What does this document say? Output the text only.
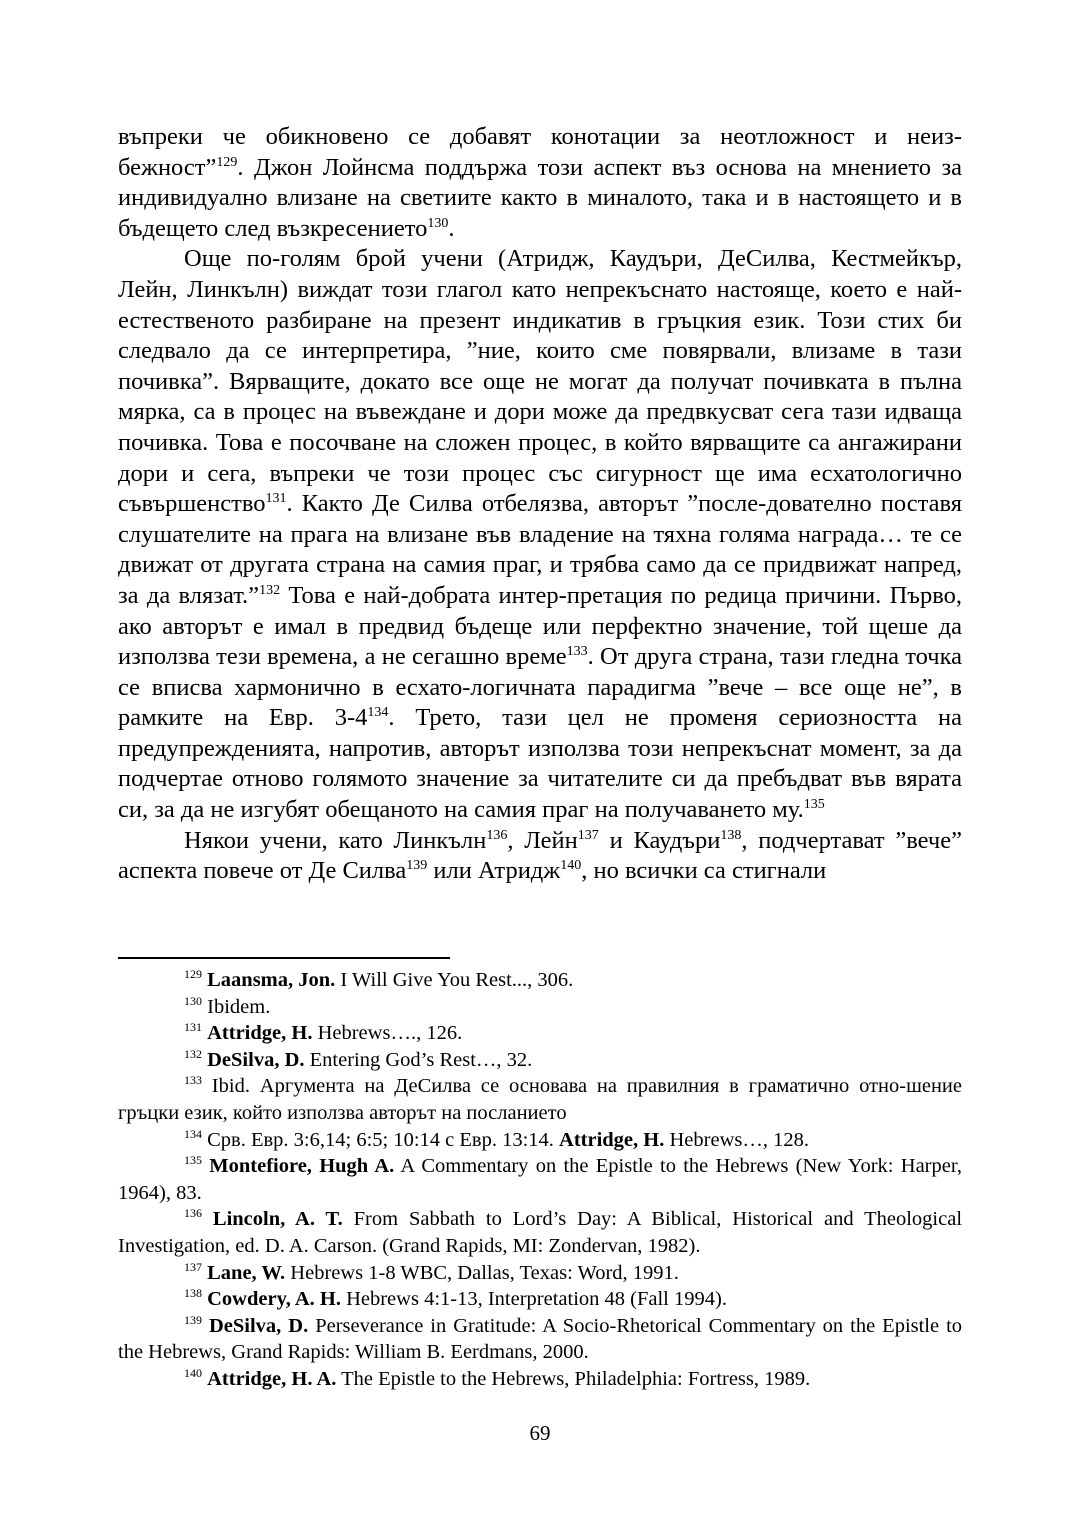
въпреки че обикновено се добавят конотации за неотложност и неиз-бежност”$^{129}$. Джон Лойнсма поддържа този аспект въз основа на мнението за индивидуално влизане на светиите както в миналото, така и в настоящето и в бъдещето след възкресението$^{130}$.

Още по-голям брой учени (Атридж, Каудъри, ДеСилва, Кестмейкър, Лейн, Линкълн) виждат този глагол като непрекъснато настояще, което е най-естественото разбиране на презент индикатив в гръцкия език. Този стих би следвало да се интерпретира, ”ние, които сме повярвали, влизаме в тази почивка”. Вярващите, докато все още не могат да получат почивката в пълна мярка, са в процес на въвеждане и дори може да предвкусват сега тази идваща почивка. Това е посочване на сложен процес, в който вярващите са ангажирани дори и сега, въпреки че този процес със сигурност ще има есхатологично съвършенство$^{131}$. Както Де Силва отбелязва, авторът ”после-дователно поставя слушателите на прага на влизане във владение на тяхна голяма награда… те се движат от другата страна на самия праг, и трябва само да се придвижат напред, за да влязат.”$^{132}$ Това е най-добрата интер-претация по редица причини. Първо, ако авторът е имал в предвид бъдеще или перфектно значение, той щеше да използва тези времена, а не сегашно време$^{133}$. От друга страна, тази гледна точка се вписва хармонично в есхато-логичната парадигма ”вече – все още не”, в рамките на Евр. $3-4^{134}$. Трето, тази цел не променя сериозността на предупрежденията, напротив, авторът използва този непрекъснат момент, за да подчертае отново голямото значение за читателите си да пребъдват във вярата си, за да не изгубят обещаното на самия праг на получаването му.$^{135}$

Някои учени, като Линкълн$^{136}$, Лейн$^{137}$ и Каудъри$^{138}$, подчертават ”вече” аспекта повече от Де Силва$^{139}$ или Атридж$^{140}$, но всички са стигнали

$^{129}$ Laansma, Jon. I Will Give You Rest..., 306.

$^{130}$ Ibidem.

$^{131}$ Attridge, H. Hebrews…., 126.

$^{132}$ DeSilva, D. Entering God’s Rest…, 32.

$^{133}$ Ibid. Аргумента на ДеСилва се основава на правилния в граматично отно-шение гръцки език, който използва авторът на посланието

$^{134}$ Срв. Евр. 3:6,14; 6:5; 10:14 с Евр. 13:14. Attridge, H. Hebrews…, 128.

$^{135}$ Montefiore, Hugh A. A Commentary on the Epistle to the Hebrews (New York: Harper, 1964), 83.

$^{136}$ Lincoln, A. T. From Sabbath to Lord’s Day: A Biblical, Historical and Theological Investigation, ed. D. A. Carson. (Grand Rapids, MI: Zondervan, 1982).

$^{137}$ Lane, W. Hebrews 1-8 WBC, Dallas, Texas: Word, 1991.

$^{138}$ Cowdery, A. H. Hebrews 4:1-13, Interpretation 48 (Fall 1994).

$^{139}$ DeSilva, D. Perseverance in Gratitude: A Socio-Rhetorical Commentary on the Epistle to the Hebrews, Grand Rapids: William B. Eerdmans, 2000.

$^{140}$ Attridge, H. A. The Epistle to the Hebrews, Philadelphia: Fortress, 1989.

69
